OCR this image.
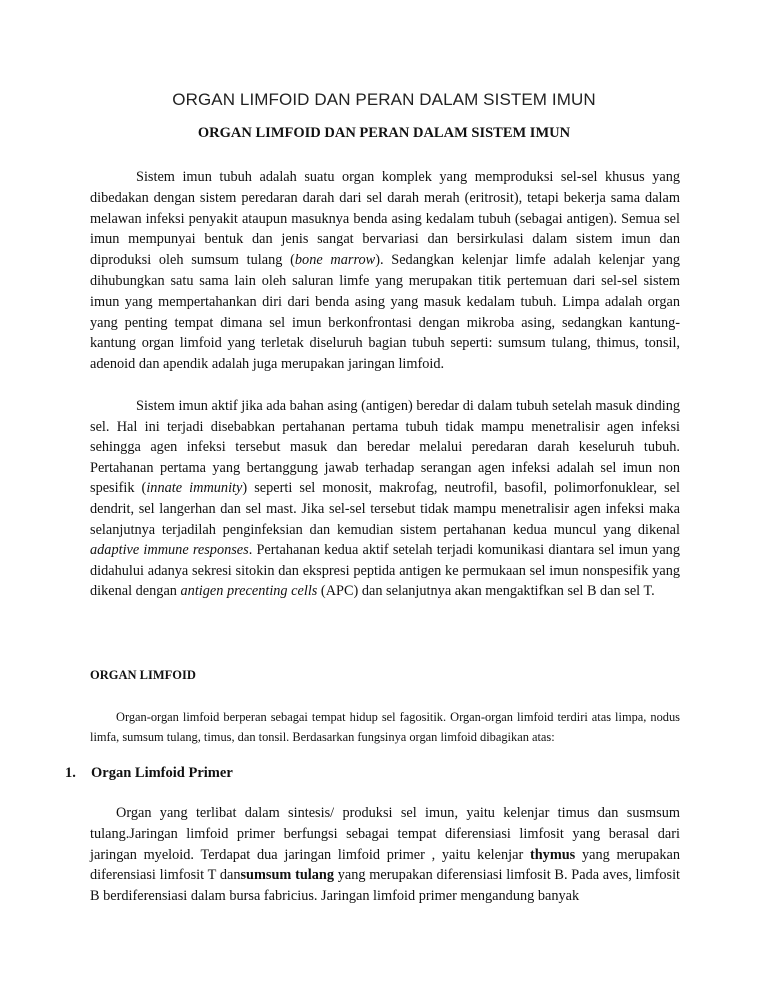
ORGAN LIMFOID DAN PERAN DALAM SISTEM IMUN
ORGAN LIMFOID DAN PERAN DALAM SISTEM IMUN

Sistem imun tubuh adalah suatu organ komplek yang memproduksi sel-sel khusus yang dibedakan dengan sistem peredaran darah dari sel darah merah (eritrosit), tetapi bekerja sama dalam melawan infeksi penyakit ataupun masuknya benda asing kedalam tubuh (sebagai antigen). Semua sel imun mempunyai bentuk dan jenis sangat bervariasi dan bersirkulasi dalam sistem imun dan diproduksi oleh sumsum tulang (bone marrow). Sedangkan kelenjar limfe adalah kelenjar yang dihubungkan satu sama lain oleh saluran limfe yang merupakan titik pertemuan dari sel-sel sistem imun yang mempertahankan diri dari benda asing yang masuk kedalam tubuh. Limpa adalah organ yang penting tempat dimana sel imun berkonfrontasi dengan mikroba asing, sedangkan kantung-kantung organ limfoid yang terletak diseluruh bagian tubuh seperti: sumsum tulang, thimus, tonsil, adenoid dan apendik adalah juga merupakan jaringan limfoid.

Sistem imun aktif jika ada bahan asing (antigen) beredar di dalam tubuh setelah masuk dinding sel. Hal ini terjadi disebabkan pertahanan pertama tubuh tidak mampu menetralisir agen infeksi sehingga agen infeksi tersebut masuk dan beredar melalui peredaran darah keseluruh tubuh. Pertahanan pertama yang bertanggung jawab terhadap serangan agen infeksi adalah sel imun non spesifik (innate immunity) seperti sel monosit, makrofag, neutrofil, basofil, polimorfonuklear, sel dendrit, sel langerhan dan sel mast. Jika sel-sel tersebut tidak mampu menetralisir agen infeksi maka selanjutnya terjadilah penginfeksian dan kemudian sistem pertahanan kedua muncul yang dikenal adaptive immune responses. Pertahanan kedua aktif setelah terjadi komunikasi diantara sel imun yang didahului adanya sekresi sitokin dan ekspresi peptida antigen ke permukaan sel imun nonspesifik yang dikenal dengan antigen precenting cells (APC) dan selanjutnya akan mengaktifkan sel B dan sel T.

ORGAN LIMFOID

Organ-organ limfoid berperan sebagai tempat hidup sel fagositik. Organ-organ limfoid terdiri atas limpa, nodus limfa, sumsum tulang, timus, dan tonsil. Berdasarkan fungsinya organ limfoid dibagikan atas:

1. Organ Limfoid Primer

Organ yang terlibat dalam sintesis/ produksi sel imun, yaitu kelenjar timus dan susmsum tulang.Jaringan limfoid primer berfungsi sebagai tempat diferensiasi limfosit yang berasal dari jaringan myeloid. Terdapat dua jaringan limfoid primer , yaitu kelenjar thymus yang merupakan diferensiasi limfosit T dansumsum tulang yang merupakan diferensiasi limfosit B. Pada aves, limfosit B berdiferensiasi dalam bursa fabricius. Jaringan limfoid primer mengandung banyak
